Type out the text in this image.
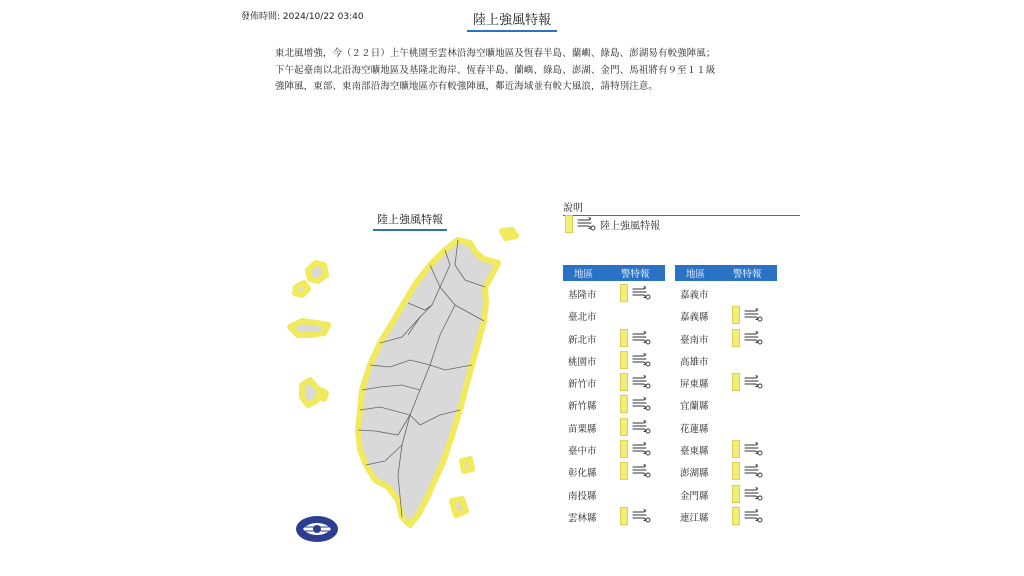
發佈時間: 2024/10/22 03:40	陸上強風特報
東北風增強，今（２２日）上午桃園至雲林沿海空曠地區及恆春半島、蘭嶼、綠島、澎湖易有較強陣風；
下午起臺南以北沿海空曠地區及基隆北海岸、恆春半島、蘭嶼、綠島、澎湖、金門、馬祖將有９至１１級
強陣風，東部、東南部沿海空曠地區亦有較強陣風，鄰近海域並有較大風浪，請特別注意。
陸上強風特報
說明
陸上強風特報
地區	警特報
基隆市
臺北市
新北市
桃園市
新竹市
新竹縣
苗栗縣
臺中市
彰化縣
南投縣
雲林縣
地區	警特報
嘉義市
嘉義縣
臺南市
高雄市
屏東縣
宜蘭縣
花蓮縣
臺東縣
澎湖縣
金門縣
連江縣
